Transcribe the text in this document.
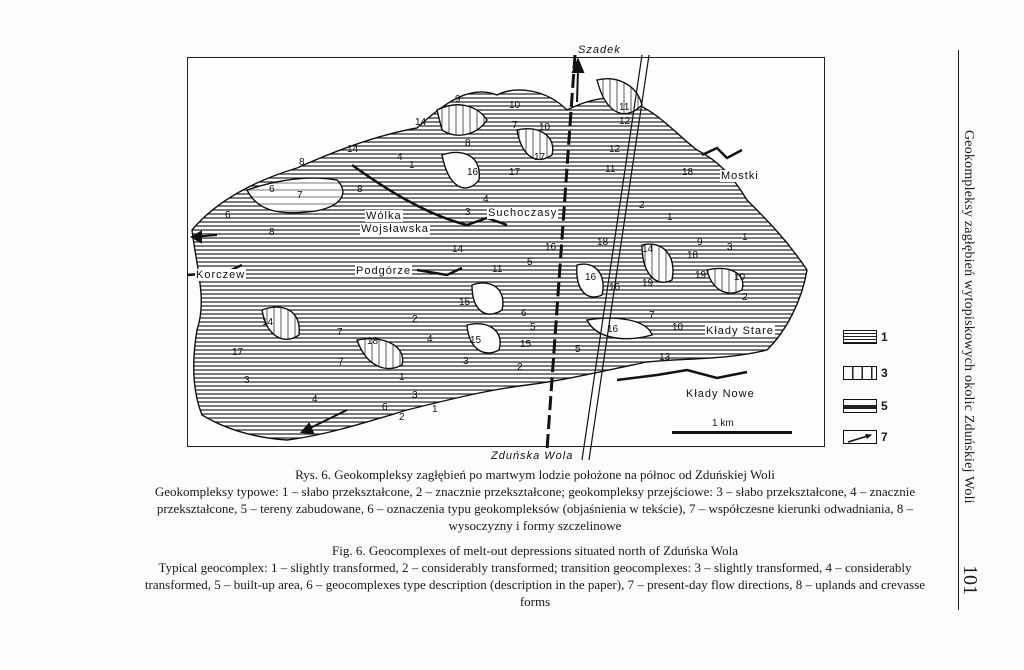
9
10
14	7 10
11
12
8
14
4
1
12
16	17
17
11
8
18
6
7
8
6	3
4
8
2
1
1
3
16
11
14
18
9
5
16
16
14
18
19	10
2
14
15
6
2
5
19
10
7
17
7
18	4	15	15	5
3
7
16
13
1
3
2
4	3
6
2
1
Szadek
Mostki
Wólka
Wojsławska
Suchoczasy
Korczew	Podgórze
Kłady Stare
Kłady Nowe
Zduńska Wola
1 km
1
3
5
7
Rys. 6. Geokompleksy zagłębień po martwym lodzie położone na północ od Zduńskiej Woli
Geokompleksy typowe: 1 – słabo przekształcone, 2 – znacznie przekształcone; geokompleksy przejściowe: 3 – słabo przekształcone, 4 – znacznie przekształcone, 5 – tereny zabudowane, 6 – oznaczenia typu geokompleksów (objaśnienia w tekście), 7 – współczesne kierunki odwadniania, 8 – wysoczyzny i formy szczelinowe
Fig. 6. Geocomplexes of melt-out depressions situated north of Zduńska Wola
Typical geocomplex: 1 – slightly transformed, 2 – considerably transformed; transition geocomplexes: 3 – slightly transformed, 4 – considerably transformed, 5 – built-up area, 6 – geocomplexes type description (description in the paper), 7 – present-day flow directions, 8 – uplands and crevasse forms
Geokompleksy zagłębień wytopiskowych okolic Zduńskiej Woli
101
